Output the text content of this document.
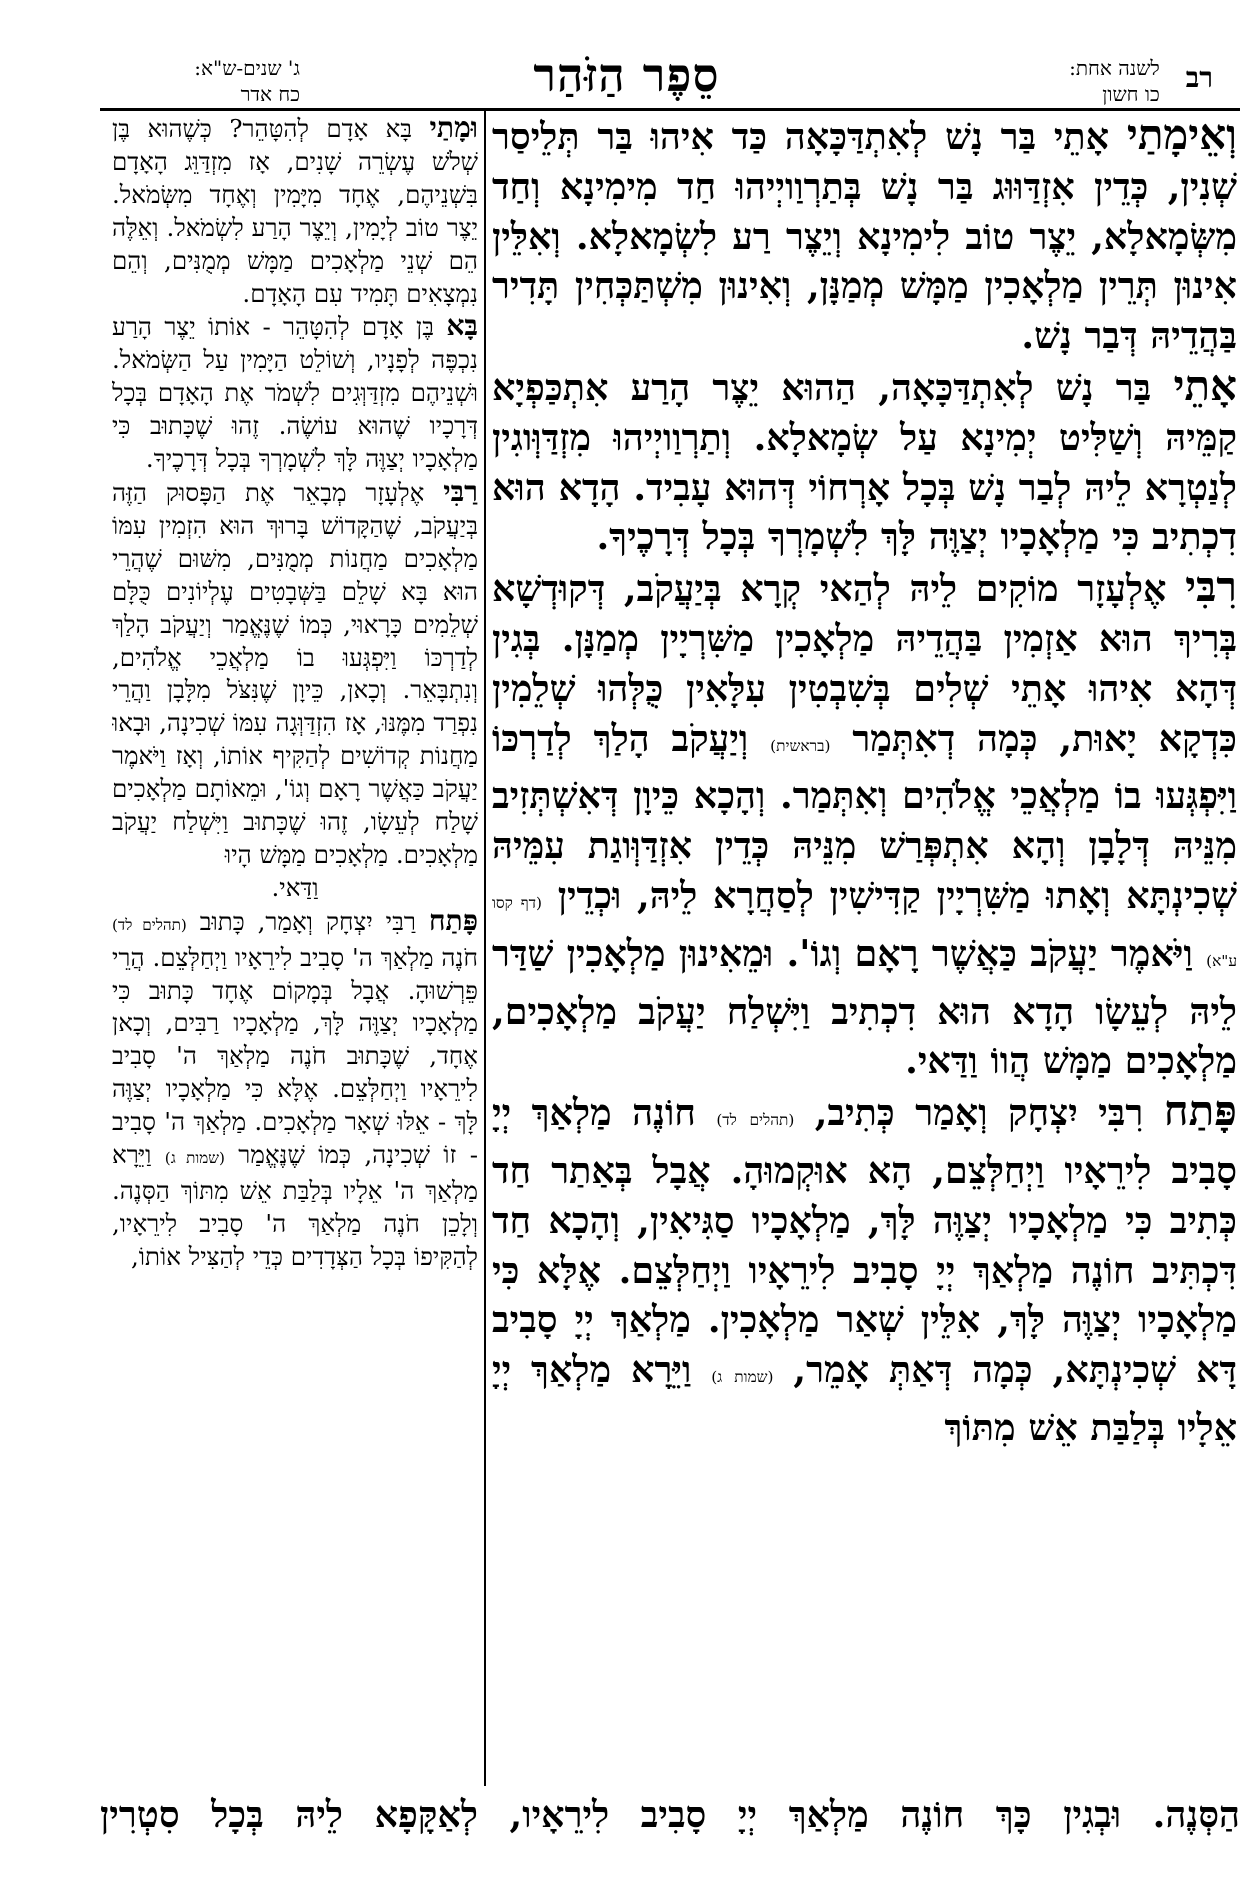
רב
לשנה אחת:
כו חשון
סֵפֶר הַזֹּהַר
ג' שנים-ש"א:
כח אדר

וְאֵימָתַי אָתֵי בַּר נָשׁ לְאִתְדַּכָּאָה כַּד אִיהוּ בַּר תְּלֵיסַר שְׁנִין, כְּדֵין אִזְדַּוּוּג בַּר נָשׁ בְּתַרְוַויְיהוּ חַד מִימִינָא וְחַד מִשְּׂמָאלָא, יֵצֶר טוֹב לִימִינָא וְיֵצֶר רַע לִשְׂמָאלָא. וְאִלֵּין אִינוּן תְּרֵין מַלְאָכִין מַמָּשׁ מְמַנָּן, וְאִינוּן מִשְׁתַּכְּחִין תָּדִיר בַּהֲדֵיהּ דְּבַר נָשׁ.

אָתֵי בַּר נָשׁ לְאִתְדַּכָּאָה, הַהוּא יֵצֶר הָרַע אִתְכַּפְיָא קַמֵּיהּ וְשַׁלִּיט יְמִינָא עַל שְׂמָאלָא. וְתַרְוַויְיהוּ מִזְדַּוְּוגִין לְנַטְרָא לֵיהּ לְבַר נָשׁ בְּכָל אָרְחוֹי דְּהוּא עָבִיד. הָדָא הוּא דִכְתִיב כִּי מַלְאָכָיו יְצַוֶּה לָּךְ לִשְׁמָרְךָ בְּכָל דְּרָכֶיךָ.

רִבִּי אֶלְעָזָר מוֹקִים לֵיהּ לְהַאי קְרָא בְּיַעֲקֹב, דְּקוּדְשָׁא בְּרִיךְ הוּא אַזְמִין בַּהֲדֵיהּ מַלְאָכִין מַשִּׁרְיָין מְמַנָּן. בְּגִין דְּהָא אִיהוּ אָתֵי שְׁלִים בְּשִׁבְטִין עִלָּאִין כֻּלְּהוּ שְׁלֵמִין כִּדְקָא יָאוּת, כְּמָה דְאִתְּמַר (בראשית) וְיַעֲקֹב הָלַךְ לְדַרְכּוֹ וַיִּפְגְּעוּ בוֹ מַלְאֲכֵי אֱלֹהִים וְאִתְּמַר. וְהָכָא כֵּיוָן דְּאִשְׁתְּזִיב מִנֵּיהּ דְּלָבָן וְהָא אִתְפְּרַשׁ מִנֵּיהּ כְּדֵין אִזְדַּוְּוגַת עִמֵּיהּ שְׁכִינְתָּא וְאָתוּ מַשִּׁרְיָין קַדִּישִׁין לְסַחֲרָא לֵיהּ, וּכְדֵין (דף קסו ע"א) וַיֹּאמֶר יַעֲקֹב כַּאֲשֶׁר רָאָם וְגוֹ'. וּמֵאִינוּן מַלְאָכִין שַׁדַּר לֵיהּ לְעֵשָׂו הָדָא הוּא דִכְתִיב וַיִּשְׁלַח יַעֲקֹב מַלְאָכִים, מַלְאָכִים מַמָּשׁ הֲווֹ וַדַּאי.

פָּתַח רִבִּי יִצְחָק וְאָמַר כְּתִיב, (תהלים לד) חוֹנֶה מַלְאַךְ יְיָ סָבִיב לִירֵאָיו וַיְחַלְּצֵם, הָא אוּקְמוּהָ. אֲבָל בְּאַתַר חַד כְּתִיב כִּי מַלְאָכָיו יְצַוֶּה לָּךְ, מַלְאָכָיו סַגִּיאִין, וְהָכָא חַד דִּכְתִּיב חוֹנֶה מַלְאַךְ יְיָ סָבִיב לִירֵאָיו וַיְחַלְּצֵם. אֶלָּא כִּי מַלְאָכָיו יְצַוֶּה לָּךְ, אִלֵּין שְׁאַר מַלְאָכִין. מַלְאַךְ יְיָ סָבִיב דָּא שְׁכִינְתָּא, כְּמָה דְּאַתְּ אָמֵר, (שמות ג) וַיֵּרָא מַלְאַךְ יְיָ אֵלָיו בְּלַבַּת אֵשׁ מִתּוֹךְ

וּמָתַי בָּא אָדָם לְהִטָּהֵר? כְּשֶׁהוּא בֶּן שְׁלֹשׁ עֶשְׂרֵה שָׁנִים, אָז מִזְדַּוֵּג הָאָדָם בִּשְׁנֵיהֶם, אֶחָד מִיָּמִין וְאֶחָד מִשְּׂמֹאל. יֵצֶר טוֹב לְיָמִין, וְיֵצֶר הָרַע לִשְׂמֹאל. וְאֵלֶּה הֵם שְׁנֵי מַלְאָכִים מַמָּשׁ מְמֻנִּים, וְהֵם נִמְצָאִים תָּמִיד עִם הָאָדָם.

בָּא בֶּן אָדָם לְהִטָּהֵר - אוֹתוֹ יֵצֶר הָרַע נִכְפֶּה לְפָנָיו, וְשׁוֹלֵט הַיָּמִין עַל הַשְּׂמֹאל. וּשְׁנֵיהֶם מִזְדַּוְּגִים לִשְׁמֹר אֶת הָאָדָם בְּכָל דְּרָכָיו שֶׁהוּא עוֹשֶׂה. זֶהוּ שֶׁכָּתוּב כִּי מַלְאָכָיו יְצַוֶּה לָּךְ לִשְׁמָרְךָ בְּכָל דְּרָכֶיךָ.

רַבִּי אֶלְעָזָר מְבָאֵר אֶת הַפָּסוּק הַזֶּה בְּיַעֲקֹב, שֶׁהַקָּדוֹשׁ בָּרוּךְ הוּא הִזְמִין עִמּוֹ מַלְאָכִים מַחֲנוֹת מְמֻנִּים, מִשּׁוּם שֶׁהֲרֵי הוּא בָּא שָׁלֵם בַּשְּׁבָטִים עֶלְיוֹנִים כֻּלָּם שְׁלֵמִים כָּרָאוּי, כְּמוֹ שֶׁנֶּאֱמַר וְיַעֲקֹב הָלַךְ לְדַרְכּוֹ וַיִּפְגְּעוּ בוֹ מַלְאֲכֵי אֱלֹהִים, וְנִתְבָּאֵר. וְכָאן, כֵּיוָן שֶׁנִּצֹּל מִלָּבָן וַהֲרֵי נִפְרַד מִמֶּנּוּ, אָז הִזְדַּוְּגָה עִמּוֹ שְׁכִינָה, וּבָאוּ מַחֲנוֹת קְדוֹשִׁים לְהַקִּיף אוֹתוֹ, וְאָז וַיֹּאמֶר יַעֲקֹב כַּאֲשֶׁר רָאָם וְגוֹ', וּמֵאוֹתָם מַלְאָכִים שָׁלַח לְעֵשָׂו, זֶהוּ שֶׁכָּתוּב וַיִּשְׁלַח יַעֲקֹב מַלְאָכִים. מַלְאָכִים מַמָּשׁ הָיוּ

וַדַּאי.

פָּתַח רַבִּי יִצְחָק וְאָמַר, כָּתוּב (תהלים לד) חֹנֶה מַלְאַךְ ה' סָבִיב לִירֵאָיו וַיְחַלְּצֵם. הֲרֵי פֵּרְשׁוּהָ. אֲבָל בְּמָקוֹם אֶחָד כָּתוּב כִּי מַלְאָכָיו יְצַוֶּה לָּךְ, מַלְאָכָיו רַבִּים, וְכָאן אֶחָד, שֶׁכָּתוּב חֹנֶה מַלְאַךְ ה' סָבִיב לִירֵאָיו וַיְחַלְּצֵם. אֶלָּא כִּי מַלְאָכָיו יְצַוֶּה לָּךְ - אֵלּוּ שְׁאָר מַלְאָכִים. מַלְאַךְ ה' סָבִיב - זוֹ שְׁכִינָה, כְּמוֹ שֶׁנֶּאֱמַר (שמות ג) וַיֵּרָא מַלְאַךְ ה' אֵלָיו בְּלַבַּת אֵשׁ מִתּוֹךְ הַסְּנֶה. וְלָכֵן חֹנֶה מַלְאַךְ ה' סָבִיב לִירֵאָיו, לְהַקִּיפוֹ בְּכָל הַצְּדָדִים כְּדֵי לְהַצִּיל אוֹתוֹ,

הַסְּנֶה. וּבְגִין כָּךְ חוֹנֶה מַלְאַךְ יְיָ סָבִיב לִירֵאָיו, לְאַקָּפָא לֵיהּ בְּכָל סִטְרִין
